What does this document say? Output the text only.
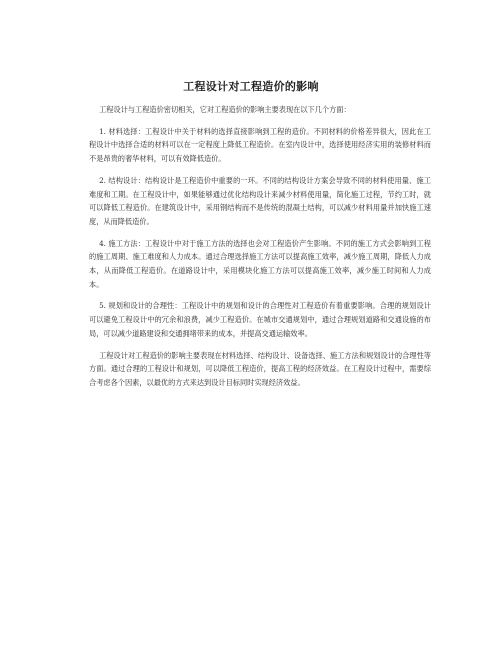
工程设计对工程造价的影响

工程设计与工程造价密切相关，它对工程造价的影响主要表现在以下几个方面：

1. 材料选择：工程设计中关于材料的选择直接影响到工程的造价。不同材料的价格差异很大，因此在工程设计中选择合适的材料可以在一定程度上降低工程造价。在室内设计中，选择使用经济实用的装修材料而不是昂贵的奢华材料，可以有效降低造价。

2. 结构设计：结构设计是工程造价中重要的一环。不同的结构设计方案会导致不同的材料使用量、施工难度和工期。在工程设计中，如果能够通过优化结构设计来减少材料使用量，简化施工过程，节约工时，就可以降低工程造价。在建筑设计中，采用钢结构而不是传统的混凝土结构，可以减少材料用量并加快施工速度，从而降低造价。

4. 施工方法：工程设计中对于施工方法的选择也会对工程造价产生影响。不同的施工方式会影响到工程的施工周期、施工难度和人力成本。通过合理选择施工方法可以提高施工效率，减少施工周期，降低人力成本，从而降低工程造价。在道路设计中，采用模块化施工方法可以提高施工效率，减少施工时间和人力成本。

5. 规划和设计的合理性：工程设计中的规划和设计的合理性对工程造价有着重要影响。合理的规划设计可以避免工程设计中的冗余和浪费，减少工程造价。在城市交通规划中，通过合理规划道路和交通设施的布局，可以减少道路建设和交通拥堵带来的成本，并提高交通运输效率。

工程设计对工程造价的影响主要表现在材料选择、结构设计、设备选择、施工方法和规划设计的合理性等方面。通过合理的工程设计和规划，可以降低工程造价，提高工程的经济效益。在工程设计过程中，需要综合考虑各个因素，以最优的方式来达到设计目标同时实现经济效益。
